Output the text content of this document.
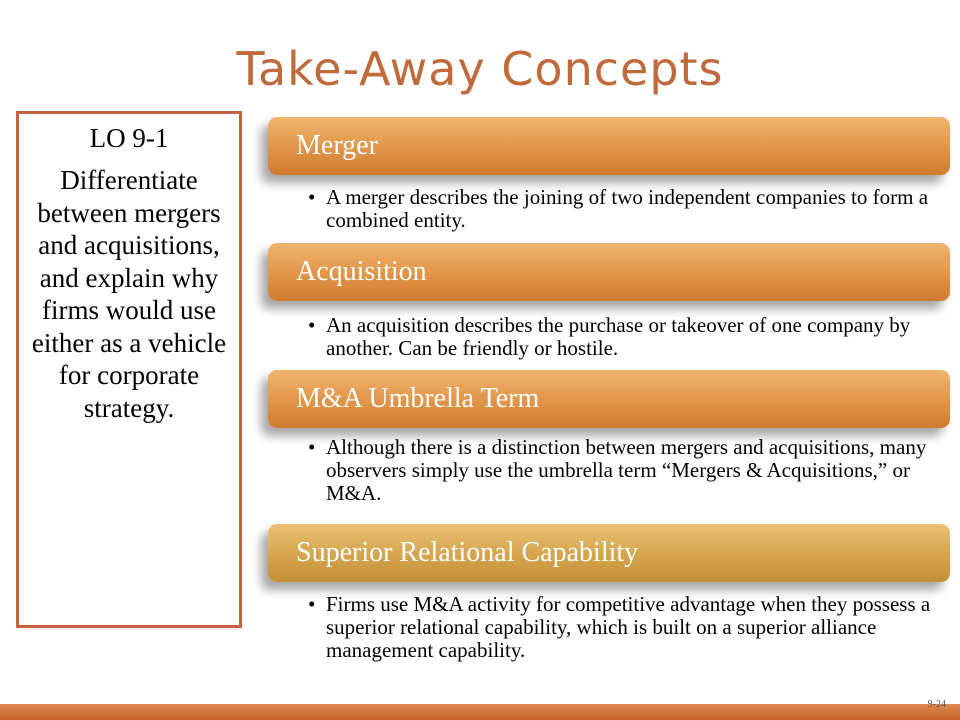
Take-Away Concepts
LO 9-1
Differentiate between mergers and acquisitions, and explain why firms would use either as a vehicle for corporate strategy.
Merger
• A merger describes the joining of two independent companies to form a combined entity.
Acquisition
• An acquisition describes the purchase or takeover of one company by another. Can be friendly or hostile.
M&A Umbrella Term
• Although there is a distinction between mergers and acquisitions, many observers simply use the umbrella term “Mergers & Acquisitions,” or M&A.
Superior Relational Capability
• Firms use M&A activity for competitive advantage when they possess a superior relational capability, which is built on a superior alliance management capability.
9-24
